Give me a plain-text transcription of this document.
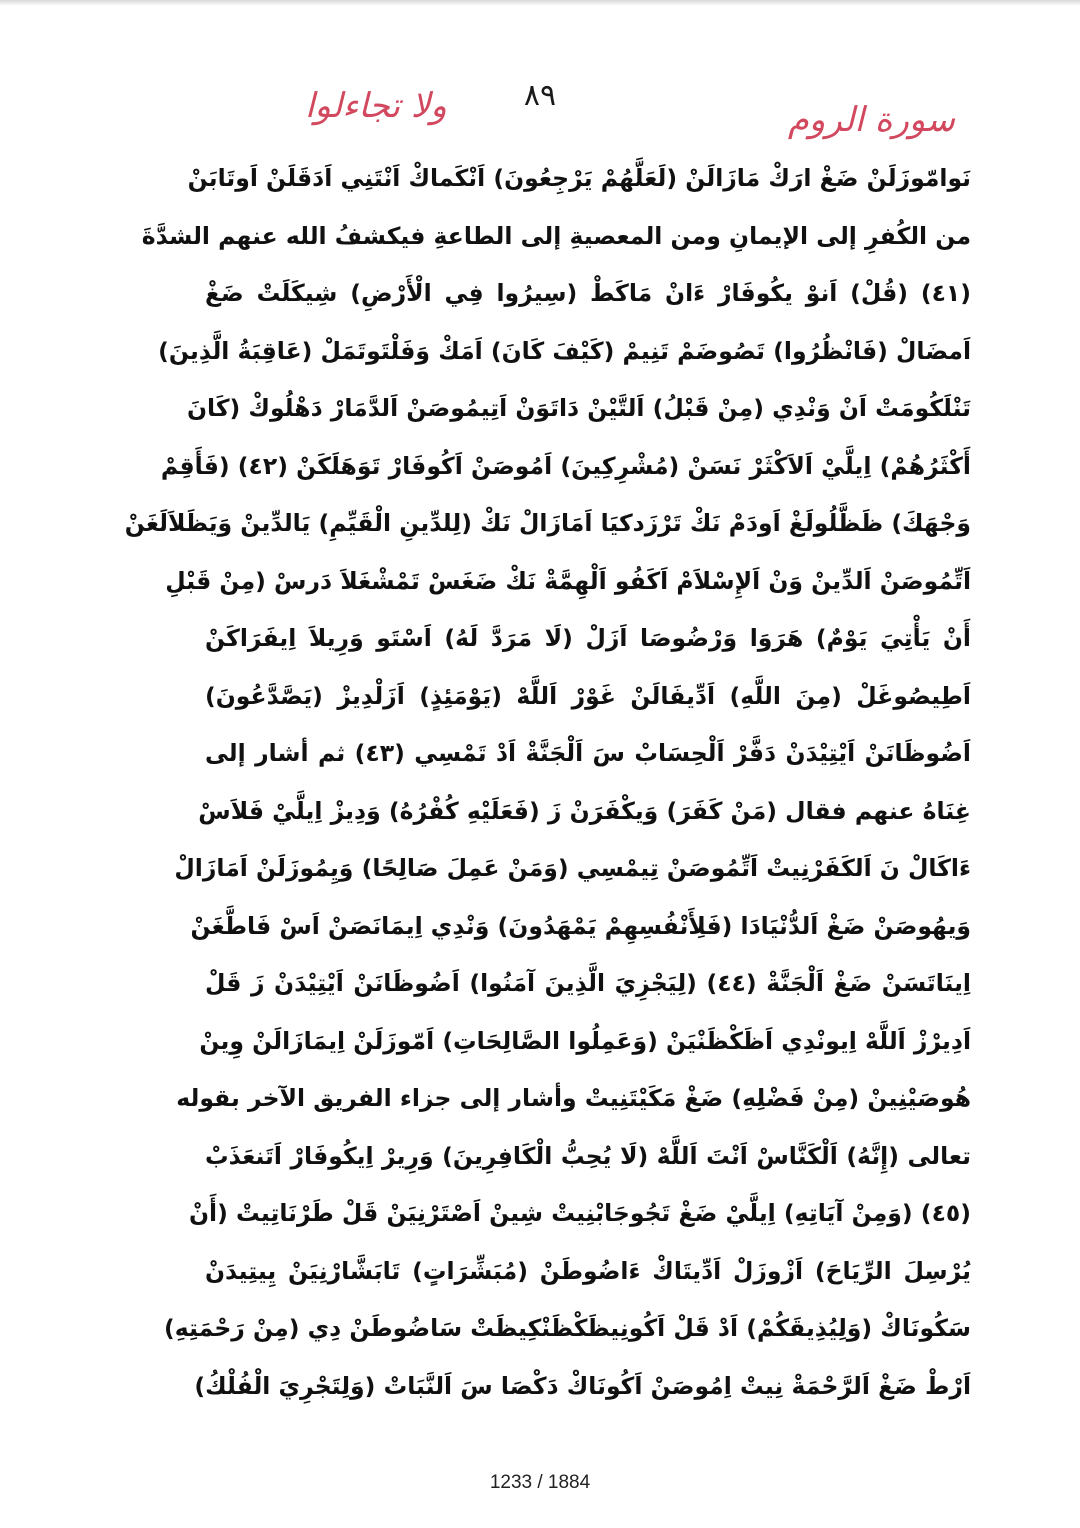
٨٩
سورة الروم
ولا تجاءلوا
نَوامّوزَلَنْ ضَغْ ارَكْ مَازَالَنْ (لَعَلَّهُمْ يَرْجِعُونَ) اَنْكَماكْ اَنْتَنِي اَدَقَلَنْ اَوتَابَنْ
من الكُفرِ إلى الإيمانِ ومن المعصيةِ إلى الطاعةِ فيكشفُ الله عنهم الشدَّةَ
(٤١) (قُلْ) اَنوْ يكُوفَارْ ءَانْ مَاكَطْ (سِيرُوا فِي الْأَرْضِ) شِيكَلَتْ ضَغْ
اَمضَالْ (فَانْظُرُوا) تَصُوضَمْ تَنِيمْ (كَيْفَ كَانَ) اَمَكْ وَفَلْتَوتَمَلْ (عَاقِبَةُ الَّذِينَ)
تَنْلَكُومَتْ اَنْ وَنْدِي (مِنْ قَبْلُ) اَلتَّيْنْ دَاتَوَنْ اَتِيمُوصَنْ اَلدَّمَارْ دَهْلُوكْ (كَانَ
أَكْثَرُهُمْ) اِيلَّيْ اَلاَكْثَرْ نَسَنْ (مُشْرِكِينَ) اَمُوصَنْ اَكُوفَارْ تَوَهَلَكَنْ (٤٢) (فَأَقِمْ
وَجْهَكَ) ظَظَّلُولَغْ اَودَمْ نَكْ تَرْزَدكيَا اَمَازَالْ نَكْ (لِلدِّينِ الْقَيِّمِ) يَالدِّينْ وَيَظَلاَلَغَنْ
اَتِّمُوصَنْ اَلدِّينْ وَنْ اَلإِسْلاَمْ اَكَفُو اَلْهِمَّةْ نَكْ ضَغَسْ تَمْشْغَلاَ دَرسْ (مِنْ قَبْلِ
أَنْ يَأْتِيَ يَوْمٌ) هَرَوَا وَرْضُوصَا اَزَلْ (لَا مَرَدَّ لَهُ) اَسْتَو وَرِيلاَ اِيفَرَاكَنْ
اَطِيصُوغَلْ (مِنَ اللَّهِ) اَدِّيفَالَنْ غَوْرْ اَللَّهْ (يَوْمَئِذٍ) اَزَلْدِيزْ (يَصَّدَّعُونَ)
اَضُوظَانَنْ اَيْتِيْدَنْ دَفَّرْ اَلْحِسَابْ سَ اَلْجَنَّةْ اَدْ تَمْسِي (٤٣) ثم أشار إلى
غِنَاهُ عنهم فقال (مَنْ كَفَرَ) وَيكْفَرَنْ زَ (فَعَلَيْهِ كُفْرُهُ) وَدِيزْ اِيلَّيْ فَلاَسْ
ءَاكَالْ نَ اَلكَفَرْنِيتْ اَتِّمُوصَنْ تِيمْسِي (وَمَنْ عَمِلَ صَالِحًا) وَيِمُوزَلَنْ اَمَازَالْ
وَيهُوصَنْ ضَغْ اَلدُّنْيَادَا (فَلِأَنْفُسِهِمْ يَمْهَدُونَ) وَنْدِي اِيمَانَصَنْ اَسْ فَاطَّغَنْ
اِينَاتَسَنْ ضَغْ اَلْجَنَّةْ (٤٤) (لِيَجْزِيَ الَّذِينَ آمَنُوا) اَضُوظَانَنْ اَيْتِيْدَنْ زَ قَلْ
اَدِيرْزْ اَللَّهْ اِيونْدِي اَظَكْظَنْيَنْ (وَعَمِلُوا الصَّالِحَاتِ) اَمّوزَلَنْ اِيمَازَالَنْ وِينْ
هُوصَيْنِينْ (مِنْ فَضْلِهِ) ضَغْ مَكَيْتَنِيتْ وأشار إلى جزاء الفريق الآخر بقوله
تعالى (إِنَّهُ) اَلْكَنَّاسْ اَنْتَ اَللَّهْ (لَا يُحِبُّ الْكَافِرِينَ) وَرِيرْ اِيكُوفَارْ اَتَنعَذَبْ
(٤٥) (وَمِنْ آيَاتِهِ) اِيلَّيْ ضَغْ تَجُوجَابْنِيتْ شِينْ اَصْتَرْنِيَنْ قَلْ طَرْنَاتِيتْ (أَنْ
يُرْسِلَ الرِّيَاحَ) اَزْوزَلْ اَدِّيتَاكْ ءَاضُوطَنْ (مُبَشِّرَاتٍ) تَابَشَّارْنِيَنْ يِيتِيدَنْ
سَكُونَاكْ (وَلِيُذِيقَكُمْ) اَدْ قَلْ اَكُونِيظَكْظَنْكِيظَتْ سَاضُوطَنْ دِي (مِنْ رَحْمَتِهِ)
اَرْطْ ضَغْ اَلرَّحْمَةْ نِيتْ اِمُوصَنْ اَكُونَاكْ دَكْصَا سَ اَلنَّبَاتْ (وَلِتَجْرِيَ الْفُلْكُ)
1233 / 1884
